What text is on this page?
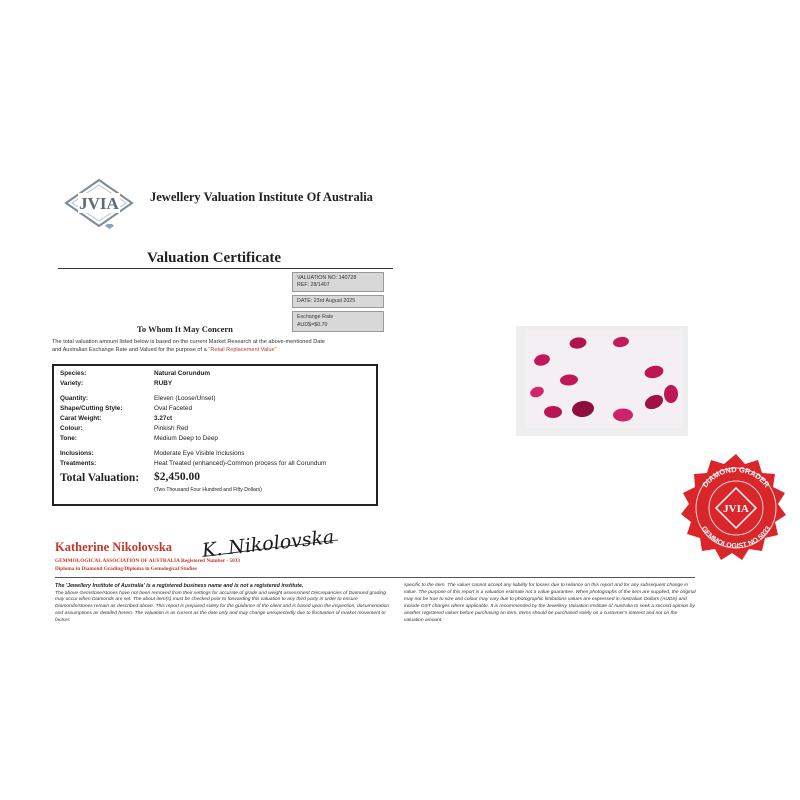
JVIA Jewellery Valuation Institute Of Australia
Valuation Certificate
VALUATION NO: 140728
REF: 28/1407
DATE: 23rd August 2025
Exchange Rate
AUD$=$0.70
To Whom It May Concern
The total valuation amount listed below is based on the current Market Research at the above-mentioned Date
and Australian Exchange Rate and Valued for the purpose of a "Retail Replacement Value"
Species:	Natural Corundum
Variety:	RUBY
Quantity:	Eleven (Loose/Unset)
Shape/Cutting Style:	Oval Faceted
Carat Weight:	3.27ct
Colour:	Pinkish Red
Tone:	Medium Deep to Deep
Inclusions:	Moderate Eye Visible Inclusions
Treatments:	Heat Treated (enhanced)-Common process for all Corundum
Total Valuation: $2,450.00
(Two Thousand Four Hundred and Fifty Dollars)
DIAMOND GRADER
GEMMOLOGIST NO 5033
JVIA
Katherine Nikolovska K. Nikolovska
GEMMOLOGICAL ASSOCIATION OF AUSTRALIA Registered Number - 5033
Diploma in Diamond Grading/Diploma in Gemological Studies
The 'Jewellery Institute of Australia' is a registered business name and is not a registered institute.
The above Gemstone/stones have not been removed from their settings for accurate of grade and weight assessment Discrepancies of Diamond grading may occur when Diamonds are set. The about item(s) must be checked prior to forwarding this valuation to any third party in order to ensure Diamonds/stones remain as described above. This report is prepared solely for the guidance of the client and is based upon the inspection, documentation and assumptions as detailed herein. The valuation is as current as the date only and may change unexpectedly due to fluctuation of market movement or factors
specific to the item. The valuer cannot accept any liability for losses due to reliance on this report and for any subsequent change in value. The purpose of this report is a valuation estimate not a value guarantee. When photographs of the item are supplied, the original may not be true to size and colour may vary due to photographic limitations values are expressed in Australian Dollars (AUDS) and include GST charges where applicable. It is recommended by the Jewellery Valuation Institute of Australia to seek a second opinion by another registered valuer before purchasing an item. Items should be purchased solely on a customer's interest and not on the valuation amount.
